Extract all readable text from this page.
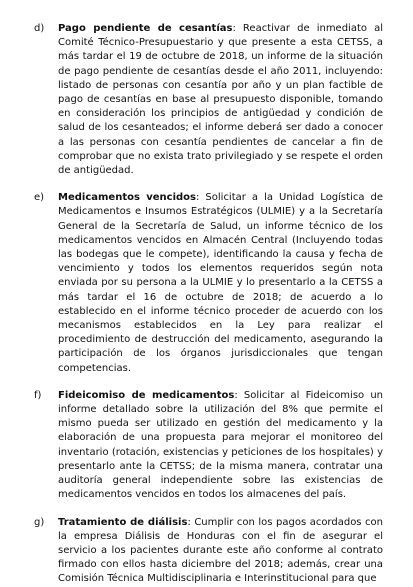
d)	Pago pendiente de cesantías: Reactivar de inmediato al Comité Técnico-Presupuestario y que presente a esta CETSS, a más tardar el 19 de octubre de 2018, un informe de la situación de pago pendiente de cesantías desde el año 2011, incluyendo: listado de personas con cesantía por año y un plan factible de pago de cesantías en base al presupuesto disponible, tomando en consideración los principios de antigüedad y condición de salud de los cesanteados; el informe deberá ser dado a conocer a las personas con cesantía pendientes de cancelar a fin de comprobar que no exista trato privilegiado y se respete el orden de antigüedad.

e)	Medicamentos vencidos: Solicitar a la Unidad Logística de Medicamentos e Insumos Estratégicos (ULMIE) y a la Secretaría General de la Secretaría de Salud, un informe técnico de los medicamentos vencidos en Almacén Central (Incluyendo todas las bodegas que le compete), identificando la causa y fecha de vencimiento y todos los elementos requeridos según nota enviada por su persona a la ULMIE y lo presentarlo a la CETSS a más tardar el 16 de octubre de 2018; de acuerdo a lo establecido en el informe técnico proceder de acuerdo con los mecanismos establecidos en la Ley para realizar el procedimiento de destrucción del medicamento, asegurando la participación de los órganos jurisdiccionales que tengan competencias.

f)	Fideicomiso de medicamentos: Solicitar al Fideicomiso un informe detallado sobre la utilización del 8% que permite el mismo pueda ser utilizado en gestión del medicamento y la elaboración de una propuesta para mejorar el monitoreo del inventario (rotación, existencias y peticiones de los hospitales) y presentarlo ante la CETSS; de la misma manera, contratar una auditoría general independiente sobre las existencias de medicamentos vencidos en todos los almacenes del país.

g)	Tratamiento de diálisis: Cumplir con los pagos acordados con la empresa Diálisis de Honduras con el fin de asegurar el servicio a los pacientes durante este año conforme al contrato firmado con ellos hasta diciembre del 2018; además, crear una Comisión Técnica Multidisciplinaria e Interinstitucional para que
